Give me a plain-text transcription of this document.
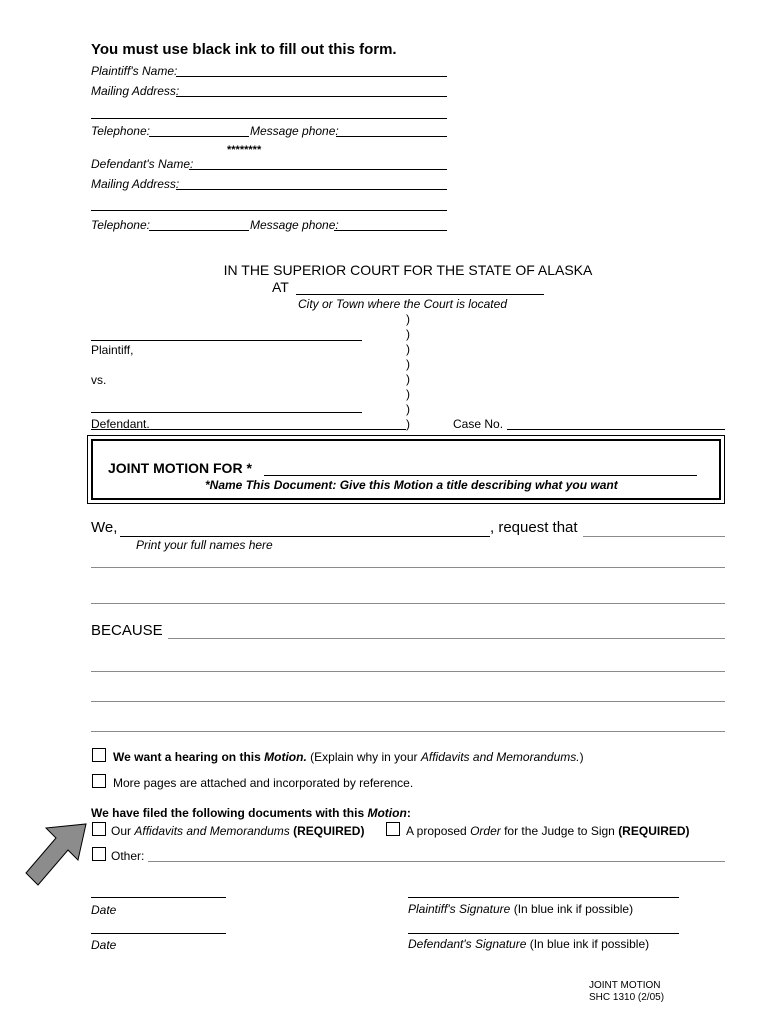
You must use black ink to fill out this form.
Plaintiff's Name:
Mailing Address:
Telephone:	Message phone:
********
Defendant's Name:
Mailing Address:
Telephone:	Message phone:
IN THE SUPERIOR COURT FOR THE STATE OF ALASKA
AT
City or Town where the Court is located
)
)
)
)
)
)
)
)
Plaintiff,
vs.
Defendant.	Case No.
JOINT MOTION FOR *
*Name This Document: Give this Motion a title describing what you want
We,	, request that
Print your full names here
BECAUSE
We want a hearing on this Motion. (Explain why in your Affidavits and Memorandums.)
More pages are attached and incorporated by reference.
We have filed the following documents with this Motion:
Our Affidavits and Memorandums (REQUIRED)	A proposed Order for the Judge to Sign (REQUIRED)
Other:
Date	Plaintiff's Signature (In blue ink if possible)
Date	Defendant's Signature (In blue ink if possible)
JOINT MOTION
SHC 1310 (2/05)
